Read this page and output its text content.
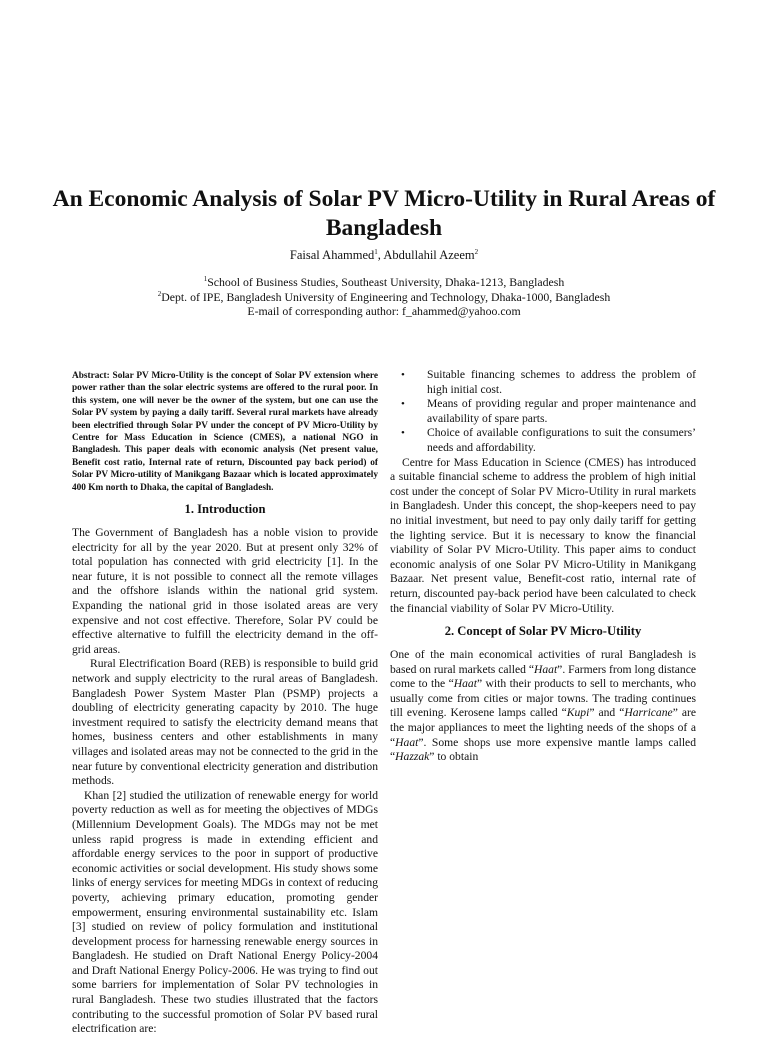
An Economic Analysis of Solar PV Micro-Utility in Rural Areas of Bangladesh
Faisal Ahammed$^1$, Abdullahil Azeem$^2$
$^1$School of Business Studies, Southeast University, Dhaka-1213, Bangladesh
$^2$Dept. of IPE, Bangladesh University of Engineering and Technology, Dhaka-1000, Bangladesh
E-mail of corresponding author: f_ahammed@yahoo.com

Abstract: Solar PV Micro-Utility is the concept of Solar PV extension where power rather than the solar electric systems are offered to the rural poor. In this system, one will never be the owner of the system, but one can use the Solar PV system by paying a daily tariff. Several rural markets have already been electrified through Solar PV under the concept of PV Micro-Utility by Centre for Mass Education in Science (CMES), a national NGO in Bangladesh. This paper deals with economic analysis (Net present value, Benefit cost ratio, Internal rate of return, Discounted pay back period) of Solar PV Micro-utility of Manikgang Bazaar which is located approximately 400 Km north to Dhaka, the capital of Bangladesh.

1. Introduction

The Government of Bangladesh has a noble vision to provide electricity for all by the year 2020. But at present only 32% of total population has connected with grid electricity [1]. In the near future, it is not possible to connect all the remote villages and the offshore islands within the national grid system. Expanding the national grid in those isolated areas are very expensive and not cost effective. Therefore, Solar PV could be effective alternative to fulfill the electricity demand in the off-grid areas.

Rural Electrification Board (REB) is responsible to build grid network and supply electricity to the rural areas of Bangladesh. Bangladesh Power System Master Plan (PSMP) projects a doubling of electricity generating capacity by 2010. The huge investment required to satisfy the electricity demand means that homes, business centers and other establishments in many villages and isolated areas may not be connected to the grid in the near future by conventional electricity generation and distribution methods.

Khan [2] studied the utilization of renewable energy for world poverty reduction as well as for meeting the objectives of MDGs (Millennium Development Goals). The MDGs may not be met unless rapid progress is made in extending efficient and affordable energy services to the poor in support of productive economic activities or social development. His study shows some links of energy services for meeting MDGs in context of reducing poverty, achieving primary education, promoting gender empowerment, ensuring environmental sustainability etc. Islam [3] studied on review of policy formulation and institutional development process for harnessing renewable energy sources in Bangladesh. He studied on Draft National Energy Policy-2004 and Draft National Energy Policy-2006. He was trying to find out some barriers for implementation of Solar PV technologies in rural Bangladesh. These two studies illustrated that the factors contributing to the successful promotion of Solar PV based rural electrification are:

• Suitable financing schemes to address the problem of high initial cost.
• Means of providing regular and proper maintenance and availability of spare parts.
• Choice of available configurations to suit the consumers’ needs and affordability.

Centre for Mass Education in Science (CMES) has introduced a suitable financial scheme to address the problem of high initial cost under the concept of Solar PV Micro-Utility in rural markets in Bangladesh. Under this concept, the shop-keepers need to pay no initial investment, but need to pay only daily tariff for getting the lighting service. But it is necessary to know the financial viability of Solar PV Micro-Utility. This paper aims to conduct economic analysis of one Solar PV Micro-Utility in Manikgang Bazaar. Net present value, Benefit-cost ratio, internal rate of return, discounted pay-back period have been calculated to check the financial viability of Solar PV Micro-Utility.

2. Concept of Solar PV Micro-Utility

One of the main economical activities of rural Bangladesh is based on rural markets called “Haat”. Farmers from long distance come to the “Haat” with their products to sell to merchants, who usually come from cities or major towns. The trading continues till evening. Kerosene lamps called “Kupi” and “Harricane” are the major appliances to meet the lighting needs of the shops of a “Haat”. Some shops use more expensive mantle lamps called “Hazzak” to obtain
